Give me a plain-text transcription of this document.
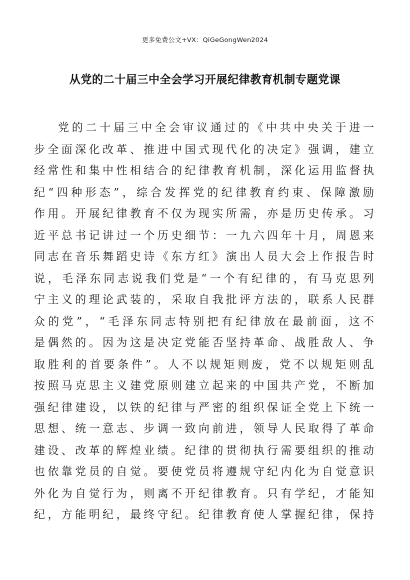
更多免费公文+VX：QiGeGongWen2024
从党的二十届三中全会学习开展纪律教育机制专题党课
党的二十届三中全会审议通过的《中共中央关于进一
步全面深化改革、推进中国式现代化的决定》强调，建立
经常性和集中性相结合的纪律教育机制，深化运用监督执
纪“四种形态”，综合发挥党的纪律教育约束、保障激励
作用。开展纪律教育不仅为现实所需，亦是历史传承。习
近平总书记讲过一个历史细节：一九六四年十月，周恩来
同志在音乐舞蹈史诗《东方红》演出人员大会上作报告时
说，毛泽东同志说我们党是“一个有纪律的，有马克思列
宁主义的理论武装的，采取自我批评方法的，联系人民群
众的党”，“毛泽东同志特别把有纪律放在最前面，这不
是偶然的。因为这是决定党能否坚持革命、战胜敌人、争
取胜利的首要条件”。人不以规矩则废，党不以规矩则乱
按照马克思主义建党原则建立起来的中国共产党，不断加
强纪律建设，以铁的纪律与严密的组织保证全党上下统一
思想、统一意志、步调一致向前进，领导人民取得了革命
建设、改革的辉煌业绩。纪律的贯彻执行需要组织的推动
也依靠党员的自觉。要使党员将遵规守纪内化为自觉意识
外化为自觉行为，则离不开纪律教育。只有学纪，才能知
纪，方能明纪，最终守纪。纪律教育使人掌握纪律，保持
